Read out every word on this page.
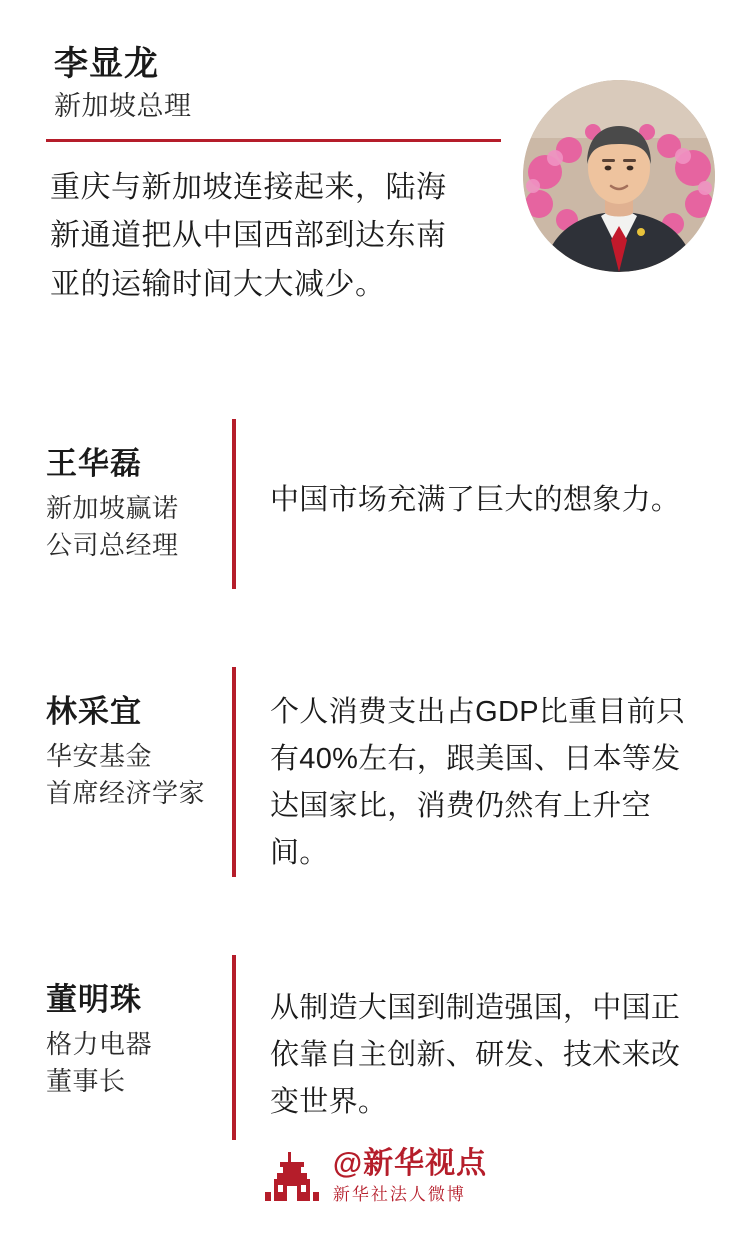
李显龙
新加坡总理
重庆与新加坡连接起来，陆海新通道把从中国西部到达东南亚的运输时间大大减少。
王华磊
新加坡赢诺
公司总经理
中国市场充满了巨大的想象力。
林采宜
华安基金
首席经济学家
个人消费支出占GDP比重目前只有40%左右，跟美国、日本等发达国家比，消费仍然有上升空间。
董明珠
格力电器
董事长
从制造大国到制造强国，中国正依靠自主创新、研发、技术来改变世界。
@新华视点
新华社法人微博
